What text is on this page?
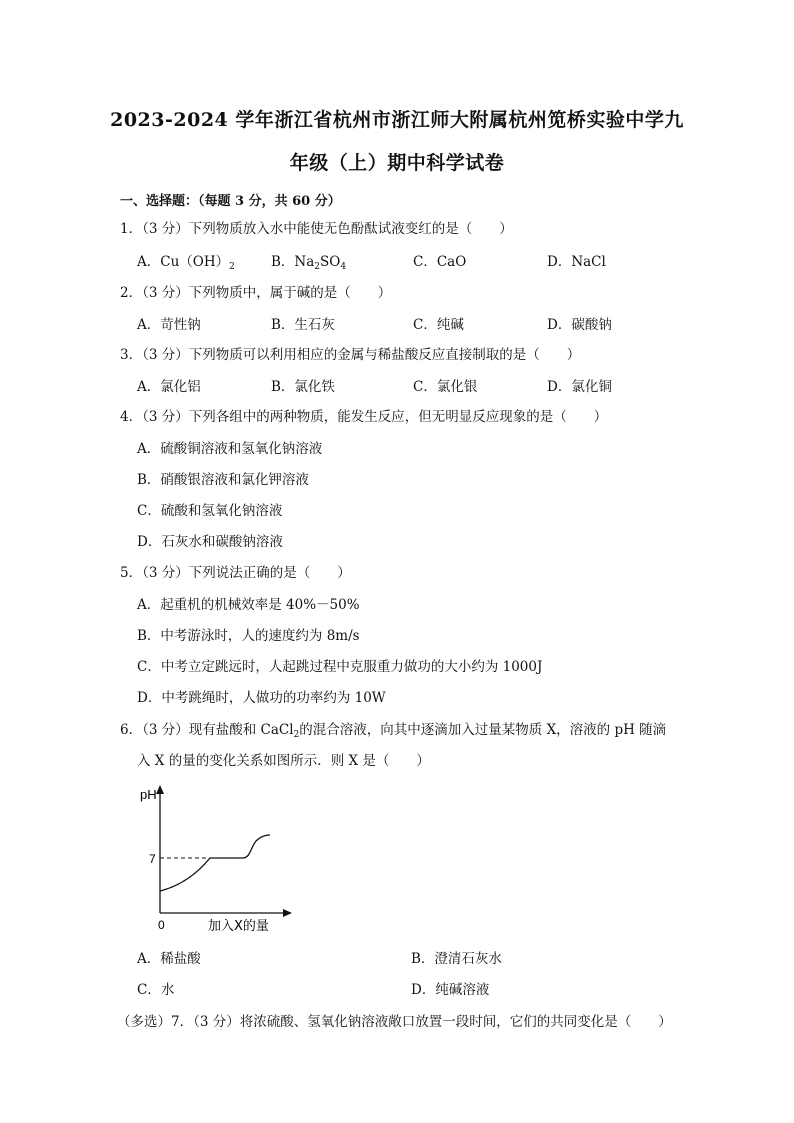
2023-2024 学年浙江省杭州市浙江师大附属杭州笕桥实验中学九
年级（上）期中科学试卷
一、选择题：（每题 3 分，共 60 分）
1．（3 分）下列物质放入水中能使无色酚酞试液变红的是（　　）
A．$Cu(OH)_2$	B．$Na_2SO_4$	C．CaO	D．NaCl
2．（3 分）下列物质中，属于碱的是（　　）
A．苛性钠	B．生石灰	C．纯碱	D．碳酸钠
3．（3 分）下列物质可以利用相应的金属与稀盐酸反应直接制取的是（　　）
A．氯化铝	B．氯化铁	C．氯化银	D．氯化铜
4．（3 分）下列各组中的两种物质，能发生反应，但无明显反应现象的是（　　）
A．硫酸铜溶液和氢氧化钠溶液
B．硝酸银溶液和氯化钾溶液
C．硫酸和氢氧化钠溶液
D．石灰水和碳酸钠溶液
5．（3 分）下列说法正确的是（　　）
A．起重机的机械效率是 40%－50%
B．中考游泳时，人的速度约为 8m/s
C．中考立定跳远时，人起跳过程中克服重力做功的大小约为 1000J
D．中考跳绳时，人做功的功率约为 10W
6．（3 分）现有盐酸和 CaCl$_2$的混合溶液，向其中逐滴加入过量某物质 X，溶液的 pH 随滴
入 X 的量的变化关系如图所示．则 X 是（　　）
pH
7
0	加入X的量
A．稀盐酸	B．澄清石灰水
C．水	D．纯碱溶液
（多选）7．（3 分）将浓硫酸、氢氧化钠溶液敞口放置一段时间，它们的共同变化是（　　）
